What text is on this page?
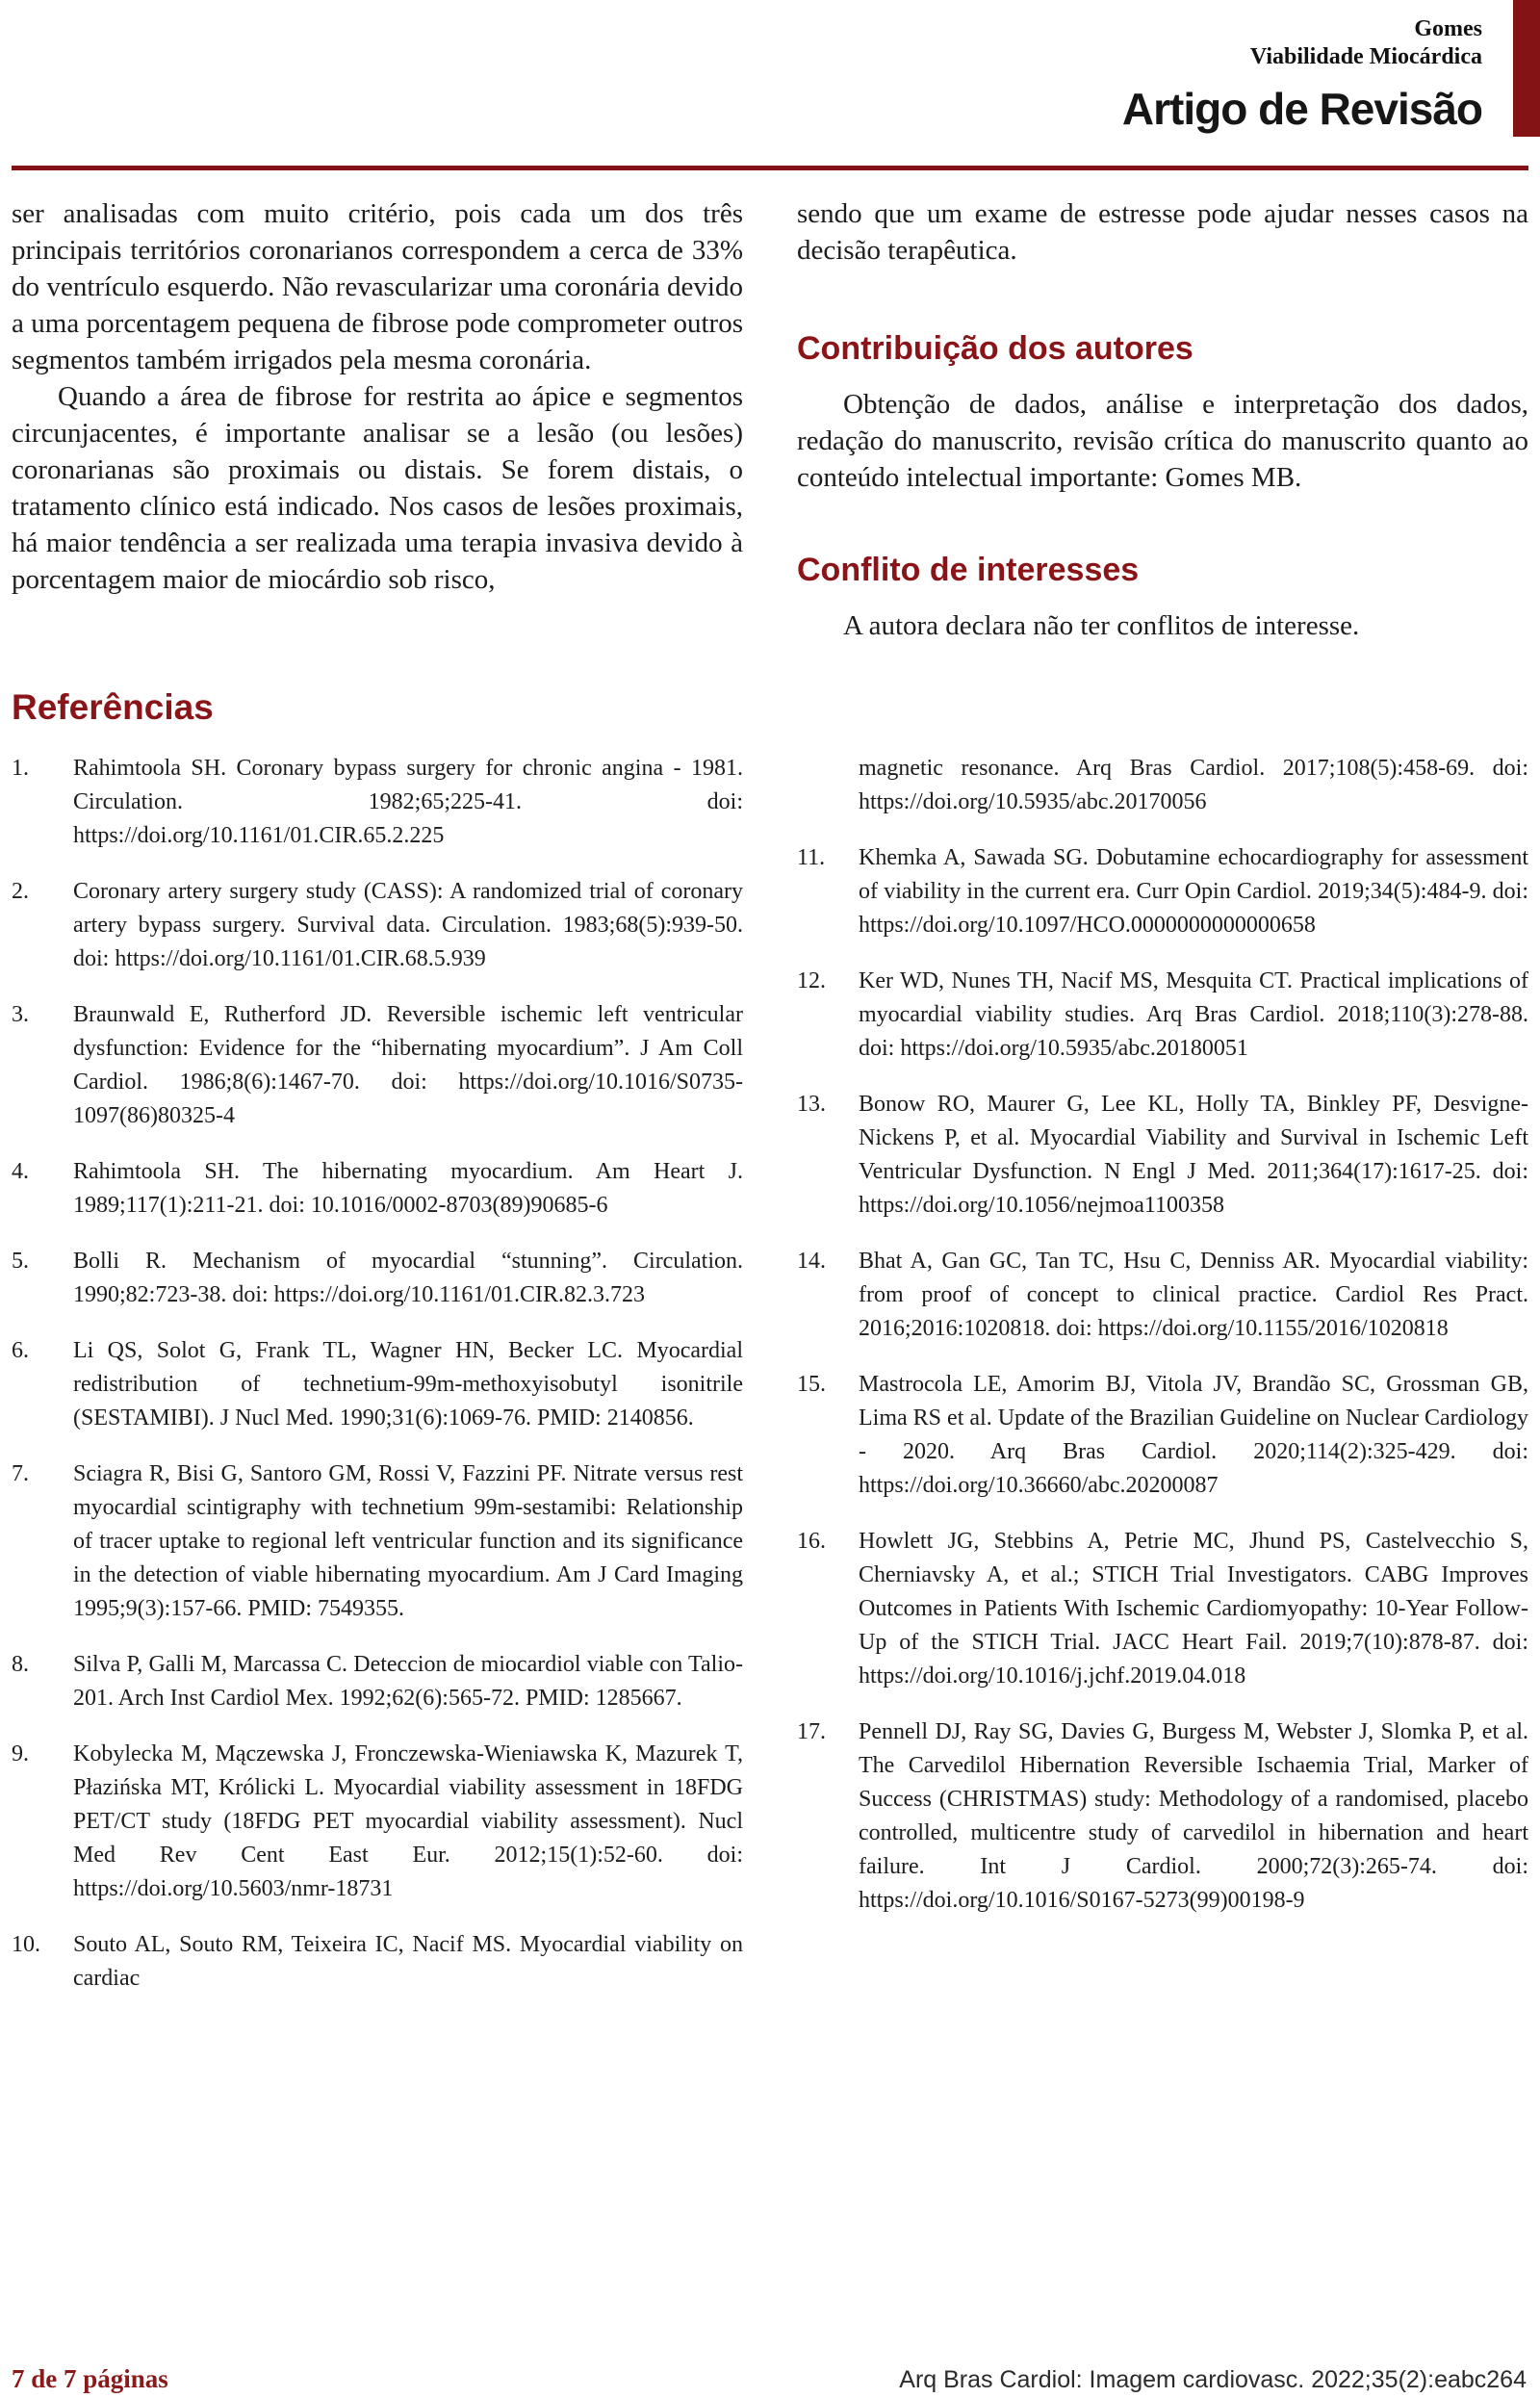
Gomes
Viabilidade Miocárdica
Artigo de Revisão

ser analisadas com muito critério, pois cada um dos três principais territórios coronarianos correspondem a cerca de 33% do ventrículo esquerdo. Não revascularizar uma coronária devido a uma porcentagem pequena de fibrose pode comprometer outros segmentos também irrigados pela mesma coronária.

Quando a área de fibrose for restrita ao ápice e segmentos circunjacentes, é importante analisar se a lesão (ou lesões) coronarianas são proximais ou distais. Se forem distais, o tratamento clínico está indicado. Nos casos de lesões proximais, há maior tendência a ser realizada uma terapia invasiva devido à porcentagem maior de miocárdio sob risco,

sendo que um exame de estresse pode ajudar nesses casos na decisão terapêutica.

Contribuição dos autores

Obtenção de dados, análise e interpretação dos dados, redação do manuscrito, revisão crítica do manuscrito quanto ao conteúdo intelectual importante: Gomes MB.

Conflito de interesses

A autora declara não ter conflitos de interesse.

Referências
1.	Rahimtoola SH. Coronary bypass surgery for chronic angina - 1981. Circulation. 1982;65;225-41. doi: https://doi.org/10.1161/01.CIR.65.2.225
2.	Coronary artery surgery study (CASS): A randomized trial of coronary artery bypass surgery. Survival data. Circulation. 1983;68(5):939-50. doi: https://doi.org/10.1161/01.CIR.68.5.939
3.	Braunwald E, Rutherford JD. Reversible ischemic left ventricular dysfunction: Evidence for the “hibernating myocardium”. J Am Coll Cardiol. 1986;8(6):1467-70. doi: https://doi.org/10.1016/S0735-1097(86)80325-4
4.	Rahimtoola SH. The hibernating myocardium. Am Heart J. 1989;117(1):211-21. doi: 10.1016/0002-8703(89)90685-6
5.	Bolli R. Mechanism of myocardial “stunning”. Circulation. 1990;82:723-38. doi: https://doi.org/10.1161/01.CIR.82.3.723
6.	Li QS, Solot G, Frank TL, Wagner HN, Becker LC. Myocardial redistribution of technetium-99m-methoxyisobutyl isonitrile (SESTAMIBI). J Nucl Med. 1990;31(6):1069-76. PMID: 2140856.
7.	Sciagra R, Bisi G, Santoro GM, Rossi V, Fazzini PF. Nitrate versus rest myocardial scintigraphy with technetium 99m-sestamibi: Relationship of tracer uptake to regional left ventricular function and its significance in the detection of viable hibernating myocardium. Am J Card Imaging 1995;9(3):157-66. PMID: 7549355.
8.	Silva P, Galli M, Marcassa C. Deteccion de miocardiol viable con Talio-201. Arch Inst Cardiol Mex. 1992;62(6):565-72. PMID: 1285667.
9.	Kobylecka M, Mączewska J, Fronczewska-Wieniawska K, Mazurek T, Płazińska MT, Królicki L. Myocardial viability assessment in 18FDG PET/CT study (18FDG PET myocardial viability assessment). Nucl Med Rev Cent East Eur. 2012;15(1):52-60. doi: https://doi.org/10.5603/nmr-18731
10.	Souto AL, Souto RM, Teixeira IC, Nacif MS. Myocardial viability on cardiac
magnetic resonance. Arq Bras Cardiol. 2017;108(5):458-69. doi: https://doi.org/10.5935/abc.20170056
11.	Khemka A, Sawada SG. Dobutamine echocardiography for assessment of viability in the current era. Curr Opin Cardiol. 2019;34(5):484-9. doi: https://doi.org/10.1097/HCO.0000000000000658
12.	Ker WD, Nunes TH, Nacif MS, Mesquita CT. Practical implications of myocardial viability studies. Arq Bras Cardiol. 2018;110(3):278-88. doi: https://doi.org/10.5935/abc.20180051
13.	Bonow RO, Maurer G, Lee KL, Holly TA, Binkley PF, Desvigne-Nickens P, et al. Myocardial Viability and Survival in Ischemic Left Ventricular Dysfunction. N Engl J Med. 2011;364(17):1617-25. doi: https://doi.org/10.1056/nejmoa1100358
14.	Bhat A, Gan GC, Tan TC, Hsu C, Denniss AR. Myocardial viability: from proof of concept to clinical practice. Cardiol Res Pract. 2016;2016:1020818. doi: https://doi.org/10.1155/2016/1020818
15.	Mastrocola LE, Amorim BJ, Vitola JV, Brandão SC, Grossman GB, Lima RS et al. Update of the Brazilian Guideline on Nuclear Cardiology - 2020. Arq Bras Cardiol. 2020;114(2):325-429. doi: https://doi.org/10.36660/abc.20200087
16.	Howlett JG, Stebbins A, Petrie MC, Jhund PS, Castelvecchio S, Cherniavsky A, et al.; STICH Trial Investigators. CABG Improves Outcomes in Patients With Ischemic Cardiomyopathy: 10-Year Follow-Up of the STICH Trial. JACC Heart Fail. 2019;7(10):878-87. doi: https://doi.org/10.1016/j.jchf.2019.04.018
17.	Pennell DJ, Ray SG, Davies G, Burgess M, Webster J, Slomka P, et al. The Carvedilol Hibernation Reversible Ischaemia Trial, Marker of Success (CHRISTMAS) study: Methodology of a randomised, placebo controlled, multicentre study of carvedilol in hibernation and heart failure. Int J Cardiol. 2000;72(3):265-74. doi: https://doi.org/10.1016/S0167-5273(99)00198-9
7 de 7 páginas	Arq Bras Cardiol: Imagem cardiovasc. 2022;35(2):eabc264
